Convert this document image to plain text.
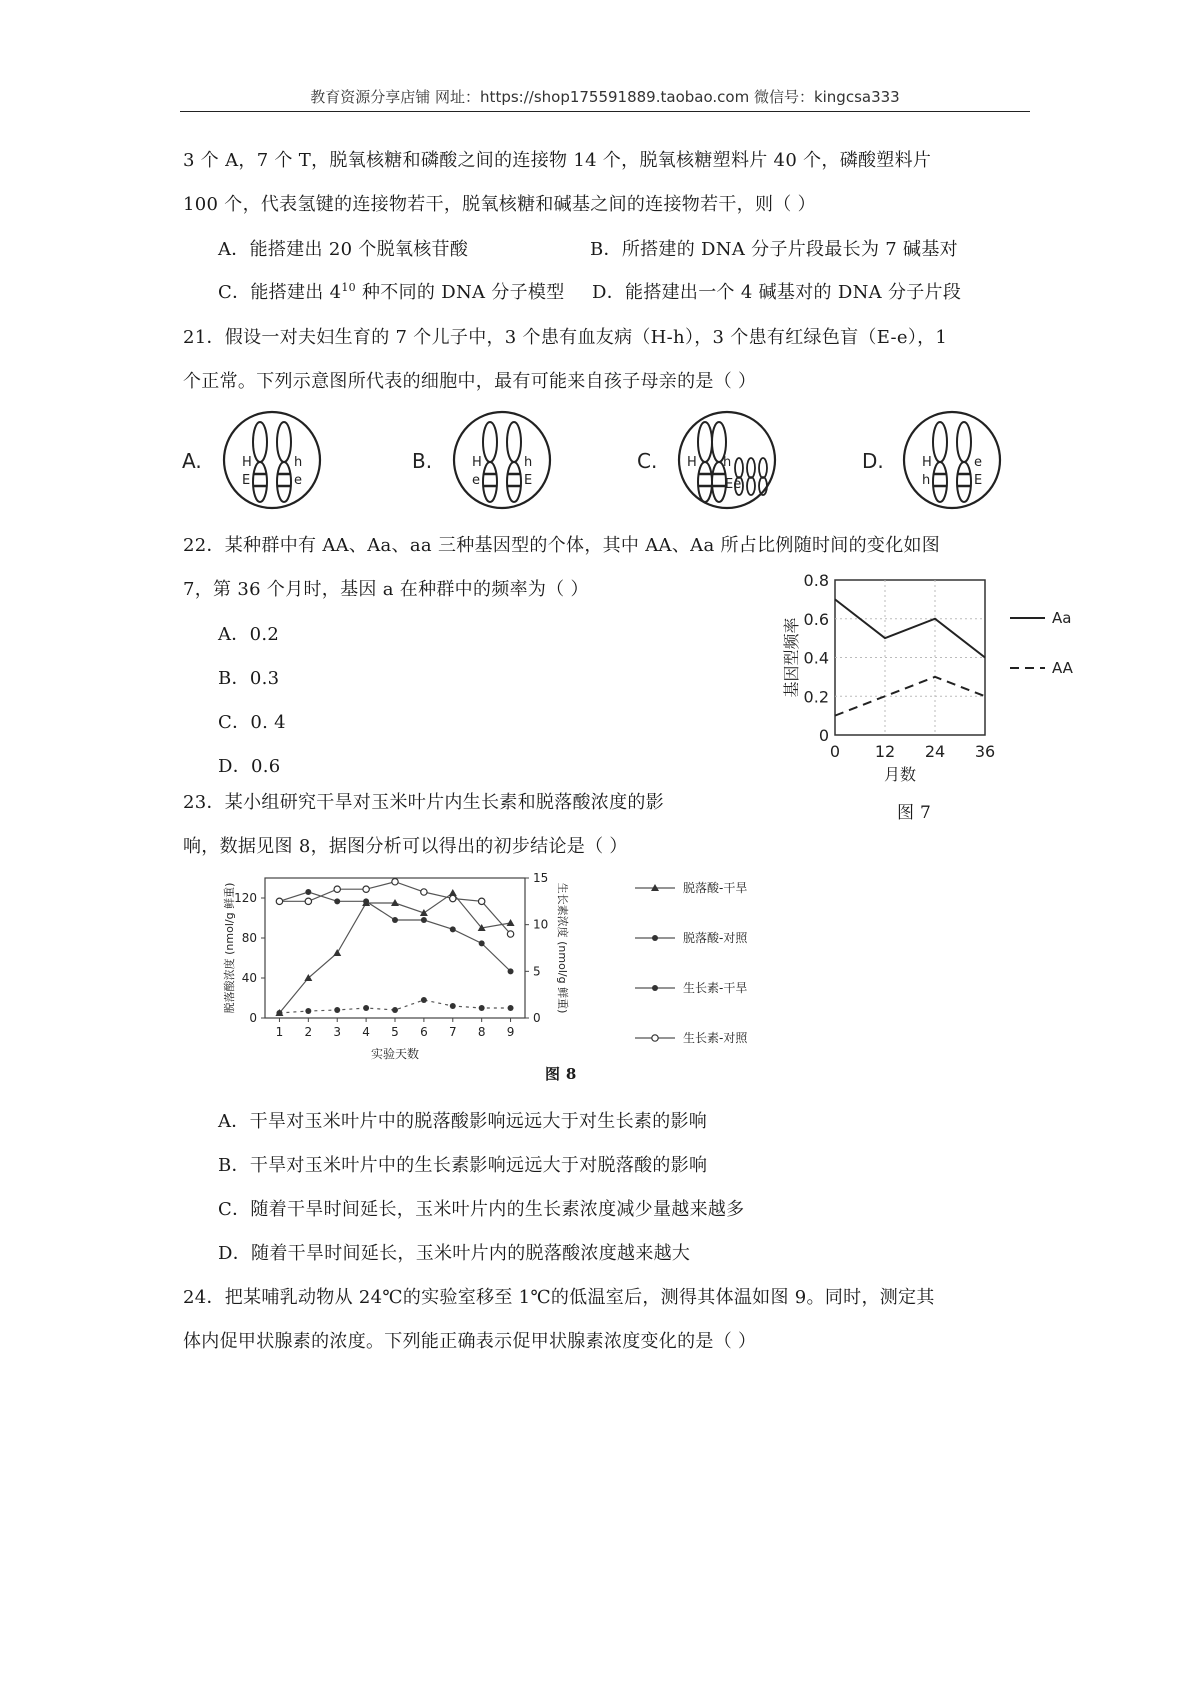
教育资源分享店铺 网址：https://shop175591889.taobao.com 微信号：kingcsa333
3 个 A，7 个 T，脱氧核糖和磷酸之间的连接物 14 个，脱氧核糖塑料片 40 个，磷酸塑料片
100 个，代表氢键的连接物若干，脱氧核糖和碱基之间的连接物若干，则（ ）
A．能搭建出 20 个脱氧核苷酸	B．所搭建的 DNA 分子片段最长为 7 碱基对
C．能搭建出 $4^{10}$ 种不同的 DNA 分子模型 D．能搭建出一个 4 碱基对的 DNA 分子片段
21．假设一对夫妇生育的 7 个儿子中，3 个患有血友病（H-h），3 个患有红绿色盲（E-e），1
个正常。下列示意图所代表的细胞中，最有可能来自孩子母亲的是（ ）
A.	H
E
h
e
B.	H
e
h
E
C. H h
Ee
D.	H
h
e
E
22．某种群中有 AA、Aa、aa 三种基因型的个体，其中 AA、Aa 所占比例随时间的变化如图
7，第 36 个月时，基因 a 在种群中的频率为（ ）
A．0.2
B．0.3
C．0. 4
D．0.6
0
0.2
0.4
0.6
0.8
0 12 24 36
月数
基因型频率	Aa
AA
图 7
23．某小组研究干旱对玉米叶片内生长素和脱落酸浓度的影
响，数据见图 8，据图分析可以得出的初步结论是（ ）
0
40
80
120
0
5
10
15
1 2 3 4 5 6 7 8 9
实验天数
脱落酸浓度 (nmol/g 鲜重)	生长素浓度 (nmol/g 鲜重)	脱落酸-干旱
脱落酸-对照
生长素-干旱
生长素-对照
图 8
A．干旱对玉米叶片中的脱落酸影响远远大于对生长素的影响
B．干旱对玉米叶片中的生长素影响远远大于对脱落酸的影响
C．随着干旱时间延长，玉米叶片内的生长素浓度减少量越来越多
D．随着干旱时间延长，玉米叶片内的脱落酸浓度越来越大
24．把某哺乳动物从 24℃的实验室移至 1℃的低温室后，测得其体温如图 9。同时，测定其
体内促甲状腺素的浓度。下列能正确表示促甲状腺素浓度变化的是（ ）
